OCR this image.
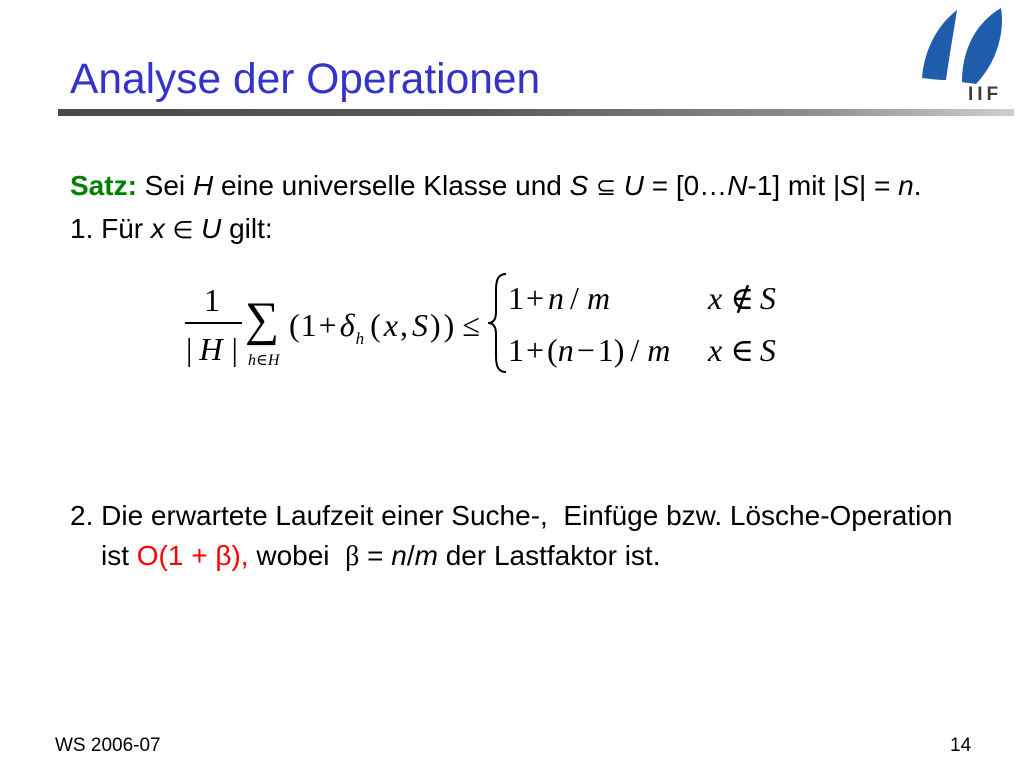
IIF
Analyse der Operationen
Satz: Sei H eine universelle Klasse und S ⊆ U = [0…N-1] mit |S| = n.
1. Für x ∈ U gilt:
1
| H |
∑
h∈H
($1+\delta_h$ (x, S)) ≤
1+ n / m	x ∉ S
1+(n−1) / m x ∈ S
2. Die erwartete Laufzeit einer Suche-,  Einfüge bzw. Lösche-Operation
ist O(1 + β), wobei  β = n/m der Lastfaktor ist.
WS 2006-07	14
